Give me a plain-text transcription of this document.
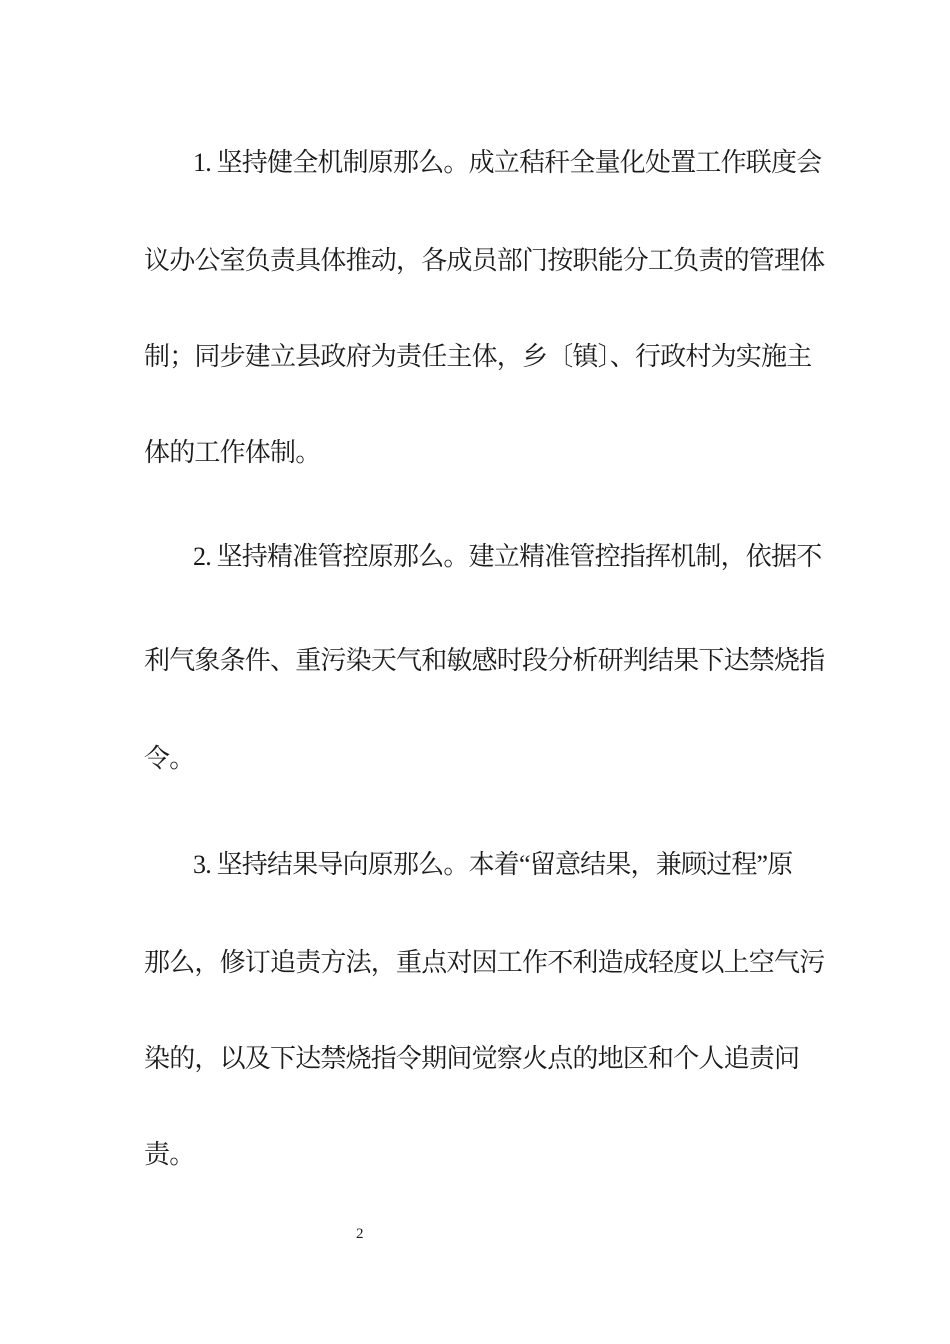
1. 坚持健全机制原那么。成立秸秆全量化处置工作联度会
议办公室负责具体推动，各成员部门按职能分工负责的管理体
制；同步建立县政府为责任主体，乡〔镇〕、行政村为实施主
体的工作体制。
2. 坚持精准管控原那么。建立精准管控指挥机制，依据不
利气象条件、重污染天气和敏感时段分析研判结果下达禁烧指
令。
3. 坚持结果导向原那么。本着“留意结果，兼顾过程”原
那么，修订追责方法，重点对因工作不利造成轻度以上空气污
染的，以及下达禁烧指令期间觉察火点的地区和个人追责问
责。
2
